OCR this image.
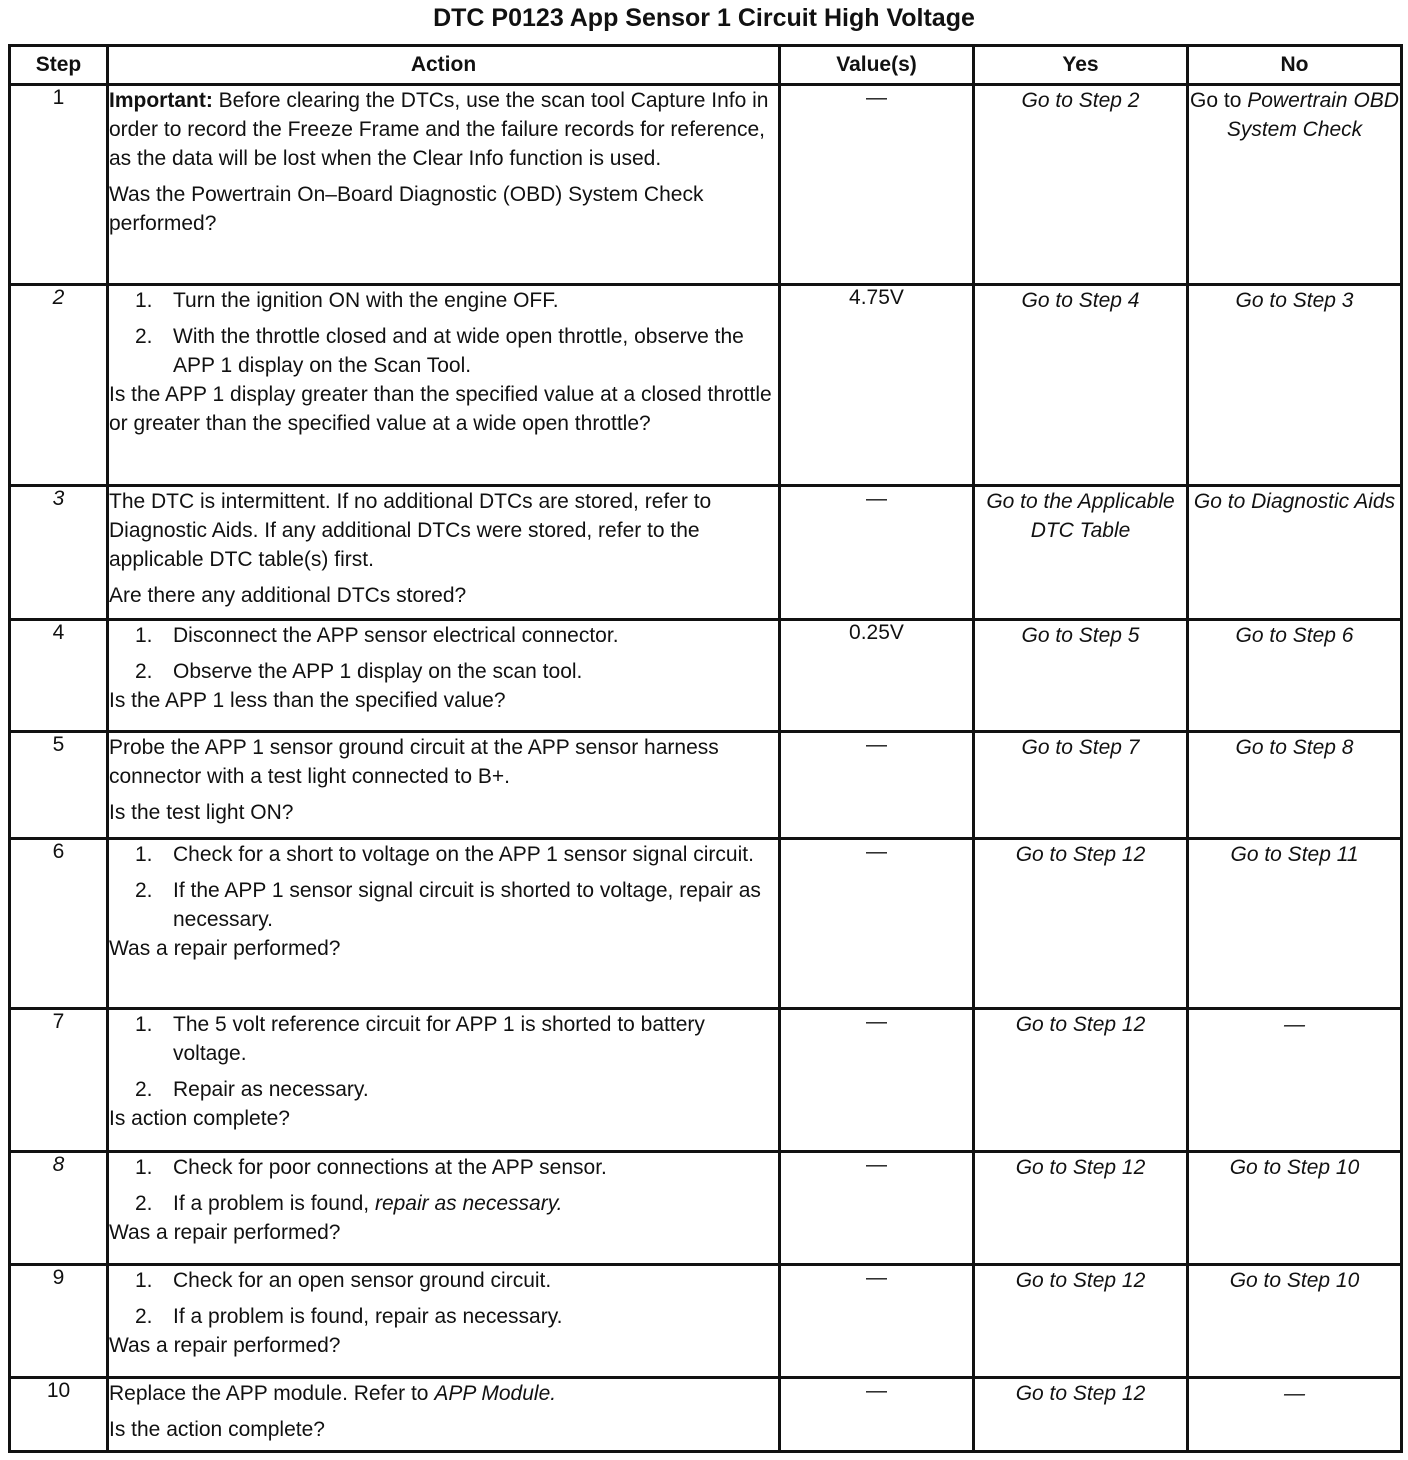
DTC P0123 App Sensor 1 Circuit High Voltage
Step	Action	Value(s)	Yes	No
1	Important: Before clearing the DTCs, use the scan tool Capture Info in order to record the Freeze Frame and the failure records for reference, as the data will be lost when the Clear Info function is used.
Was the Powertrain On–Board Diagnostic (OBD) System Check performed?	—	Go to Step 2	Go to Powertrain OBD System Check
2	1. Turn the ignition ON with the engine OFF.
2. With the throttle closed and at wide open throttle, observe the APP 1 display on the Scan Tool.
Is the APP 1 display greater than the specified value at a closed throttle or greater than the specified value at a wide open throttle?	4.75V	Go to Step 4	Go to Step 3
3	The DTC is intermittent. If no additional DTCs are stored, refer to Diagnostic Aids. If any additional DTCs were stored, refer to the applicable DTC table(s) first.
Are there any additional DTCs stored?	—	Go to the Applicable DTC Table	Go to Diagnostic Aids
4	1. Disconnect the APP sensor electrical connector.
2. Observe the APP 1 display on the scan tool.
Is the APP 1 less than the specified value?	0.25V	Go to Step 5	Go to Step 6
5	Probe the APP 1 sensor ground circuit at the APP sensor harness connector with a test light connected to B+.
Is the test light ON?	—	Go to Step 7	Go to Step 8
6	1. Check for a short to voltage on the APP 1 sensor signal circuit.
2. If the APP 1 sensor signal circuit is shorted to voltage, repair as necessary.
Was a repair performed?	—	Go to Step 12	Go to Step 11
7	1. The 5 volt reference circuit for APP 1 is shorted to battery voltage.
2. Repair as necessary.
Is action complete?	—	Go to Step 12	—
8	1. Check for poor connections at the APP sensor.
2. If a problem is found, repair as necessary.
Was a repair performed?	—	Go to Step 12	Go to Step 10
9	1. Check for an open sensor ground circuit.
2. If a problem is found, repair as necessary.
Was a repair performed?	—	Go to Step 12	Go to Step 10
10	Replace the APP module. Refer to APP Module.
Is the action complete?	—	Go to Step 12	—
